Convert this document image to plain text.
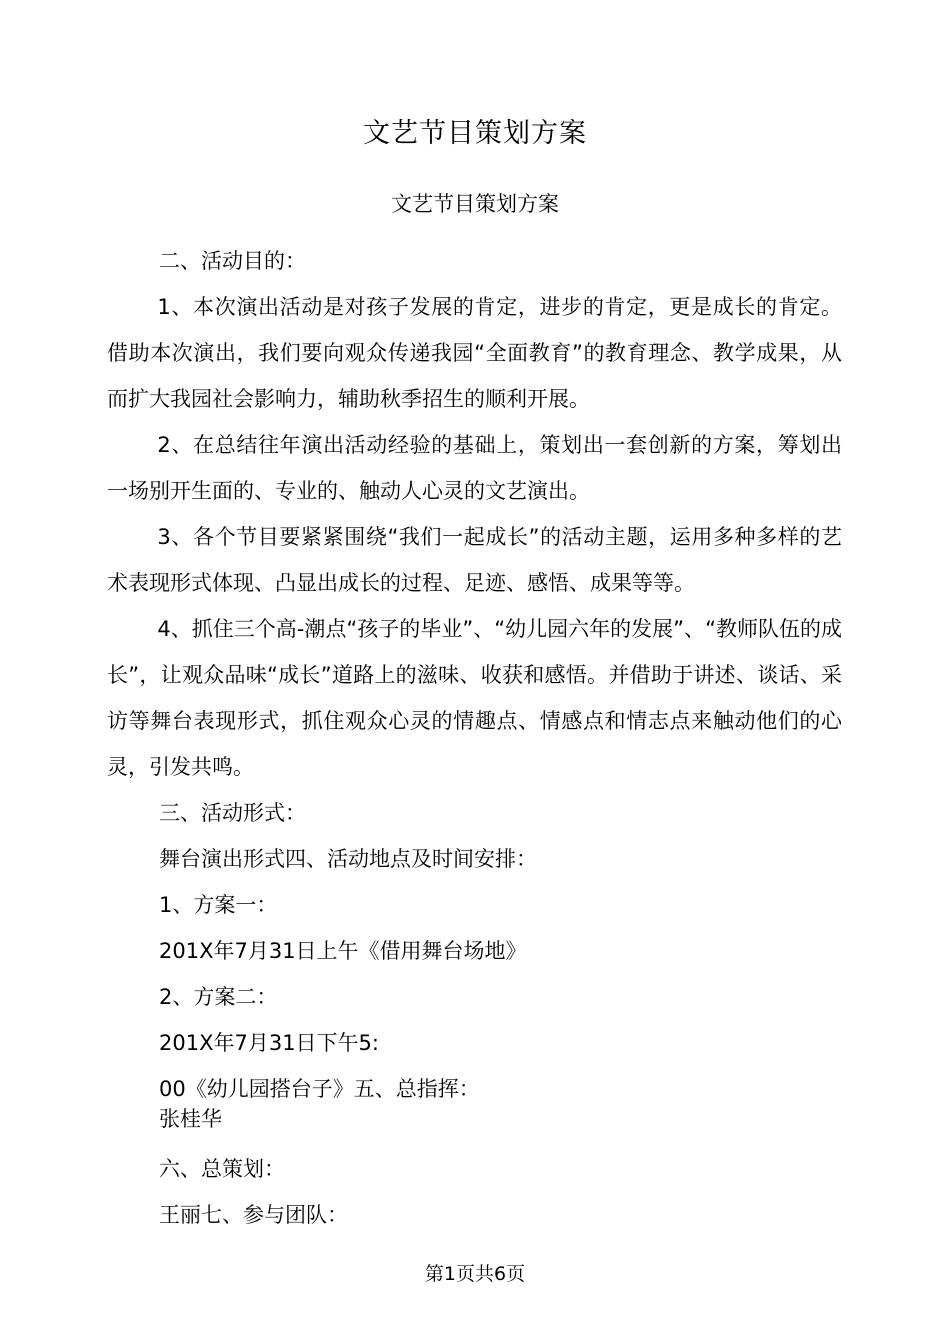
文艺节目策划方案
文艺节目策划方案

二、活动目的：

1、本次演出活动是对孩子发展的肯定，进步的肯定，更是成长的肯定。借助本次演出，我们要向观众传递我园“全面教育”的教育理念、教学成果，从而扩大我园社会影响力，辅助秋季招生的顺利开展。

2、在总结往年演出活动经验的基础上，策划出一套创新的方案，筹划出一场别开生面的、专业的、触动人心灵的文艺演出。

3、各个节目要紧紧围绕“我们一起成长”的活动主题，运用多种多样的艺术表现形式体现、凸显出成长的过程、足迹、感悟、成果等等。

4、抓住三个高-潮点“孩子的毕业”、“幼儿园六年的发展”、“教师队伍的成长”，让观众品味“成长”道路上的滋味、收获和感悟。并借助于讲述、谈话、采访等舞台表现形式，抓住观众心灵的情趣点、情感点和情志点来触动他们的心灵，引发共鸣。

三、活动形式：

舞台演出形式四、活动地点及时间安排：

1、方案一：

201X年7月31日上午《借用舞台场地》

2、方案二：

201X年7月31日下午5:

00《幼儿园搭台子》五、总指挥：

张桂华

六、总策划：

王丽七、参与团队：

第1页共6页
